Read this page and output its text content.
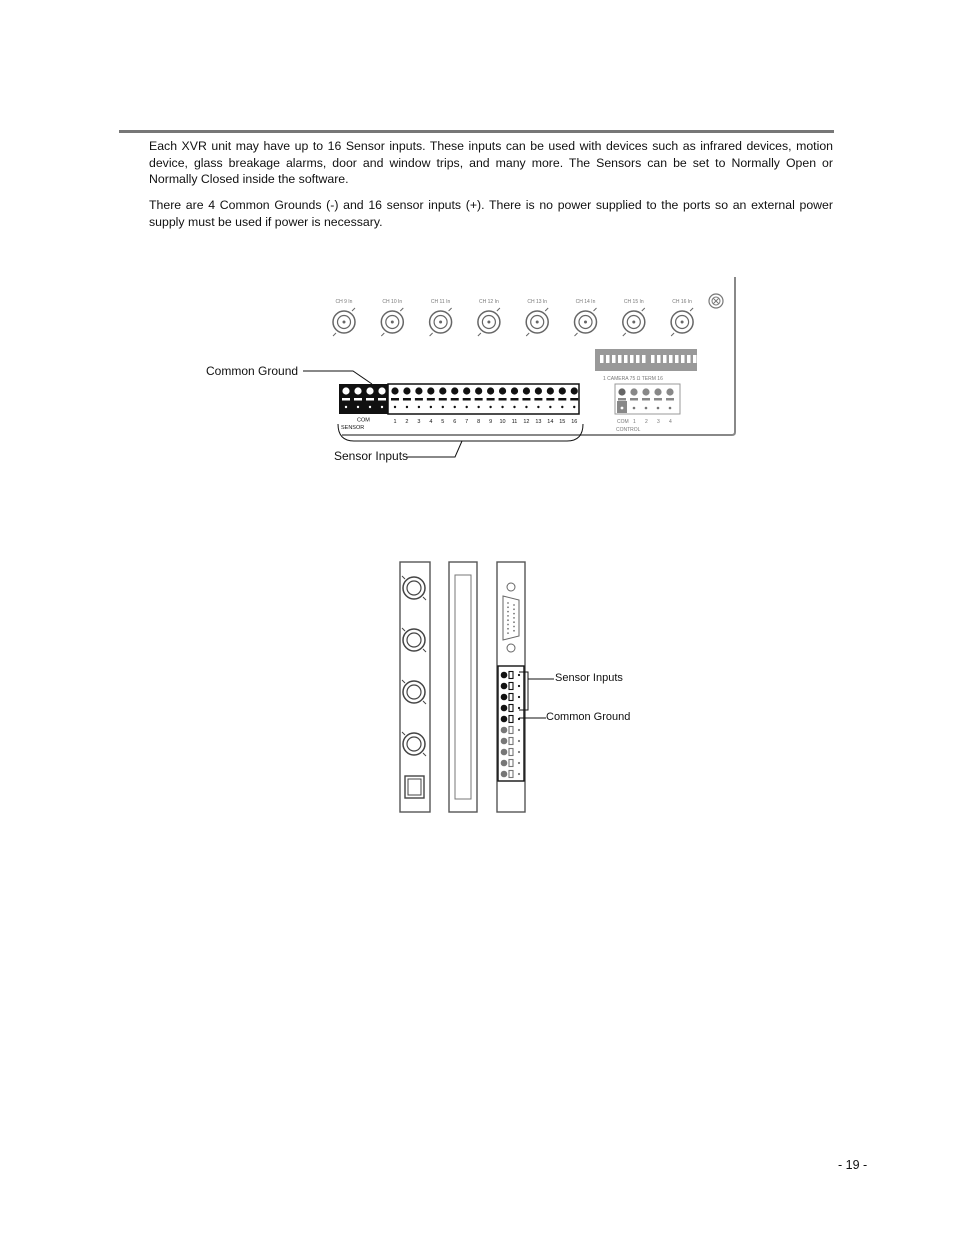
Each XVR unit may have up to 16 Sensor inputs. These inputs can be used with devices such as infrared devices, motion device, glass breakage alarms, door and window trips, and many more. The Sensors can be set to Normally Open or Normally Closed inside the software.

There are 4 Common Grounds (-) and 16 sensor inputs (+). There is no power supplied to the ports so an external power supply must be used if power is necessary.

CH 9 In	CH 10 In	CH 11 In	CH 12 In	CH 13 In	CH 14 In	CH 15 In	CH 16 In
1 CAMERA 75 Ω TERM 16
COM 1 2 3 4
CONTROL
1 2 3 4 5 6 7 8 9 10 11 12 13 14 15 16
COM
SENSOR
Common Ground
Sensor Inputs
Sensor Inputs
Common Ground
- 19 -
